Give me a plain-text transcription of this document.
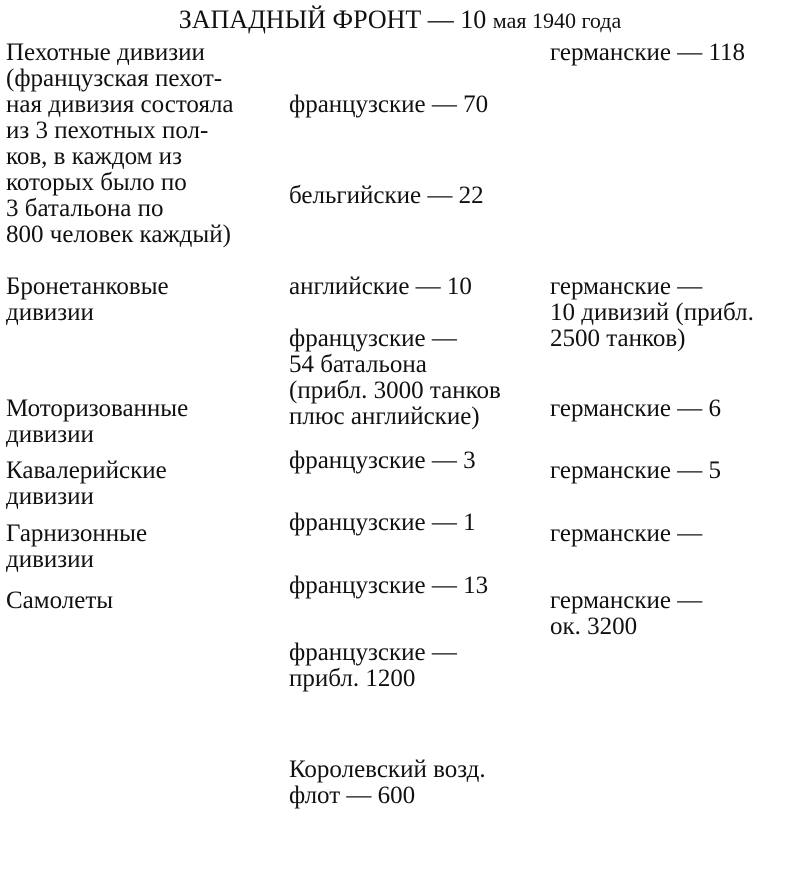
ЗАПАДНЫЙ ФРОНТ — 10 мая 1940 года
Пехотные дивизии
(французская пехот-
ная дивизия состояла
из 3 пехотных пол-
ков, в каждом из
которых было по
3 батальона по
800 человек каждый)

французские — 70

бельгийские — 22

английские — 10

германские — 118
Бронетанковые
дивизии

французские —
54 батальона
(прибл. 3000 танков
плюс английские)

германские —
10 дивизий (прибл.
2500 танков)
Моторизованные
дивизии

французские — 3

германские — 6
Кавалерийские
дивизии

французские — 1

германские — 5
Гарнизонные
дивизии

французские — 13

германские —
Самолеты

французские —
прибл. 1200

Королевский возд.
флот — 600

германские —
ок. 3200
